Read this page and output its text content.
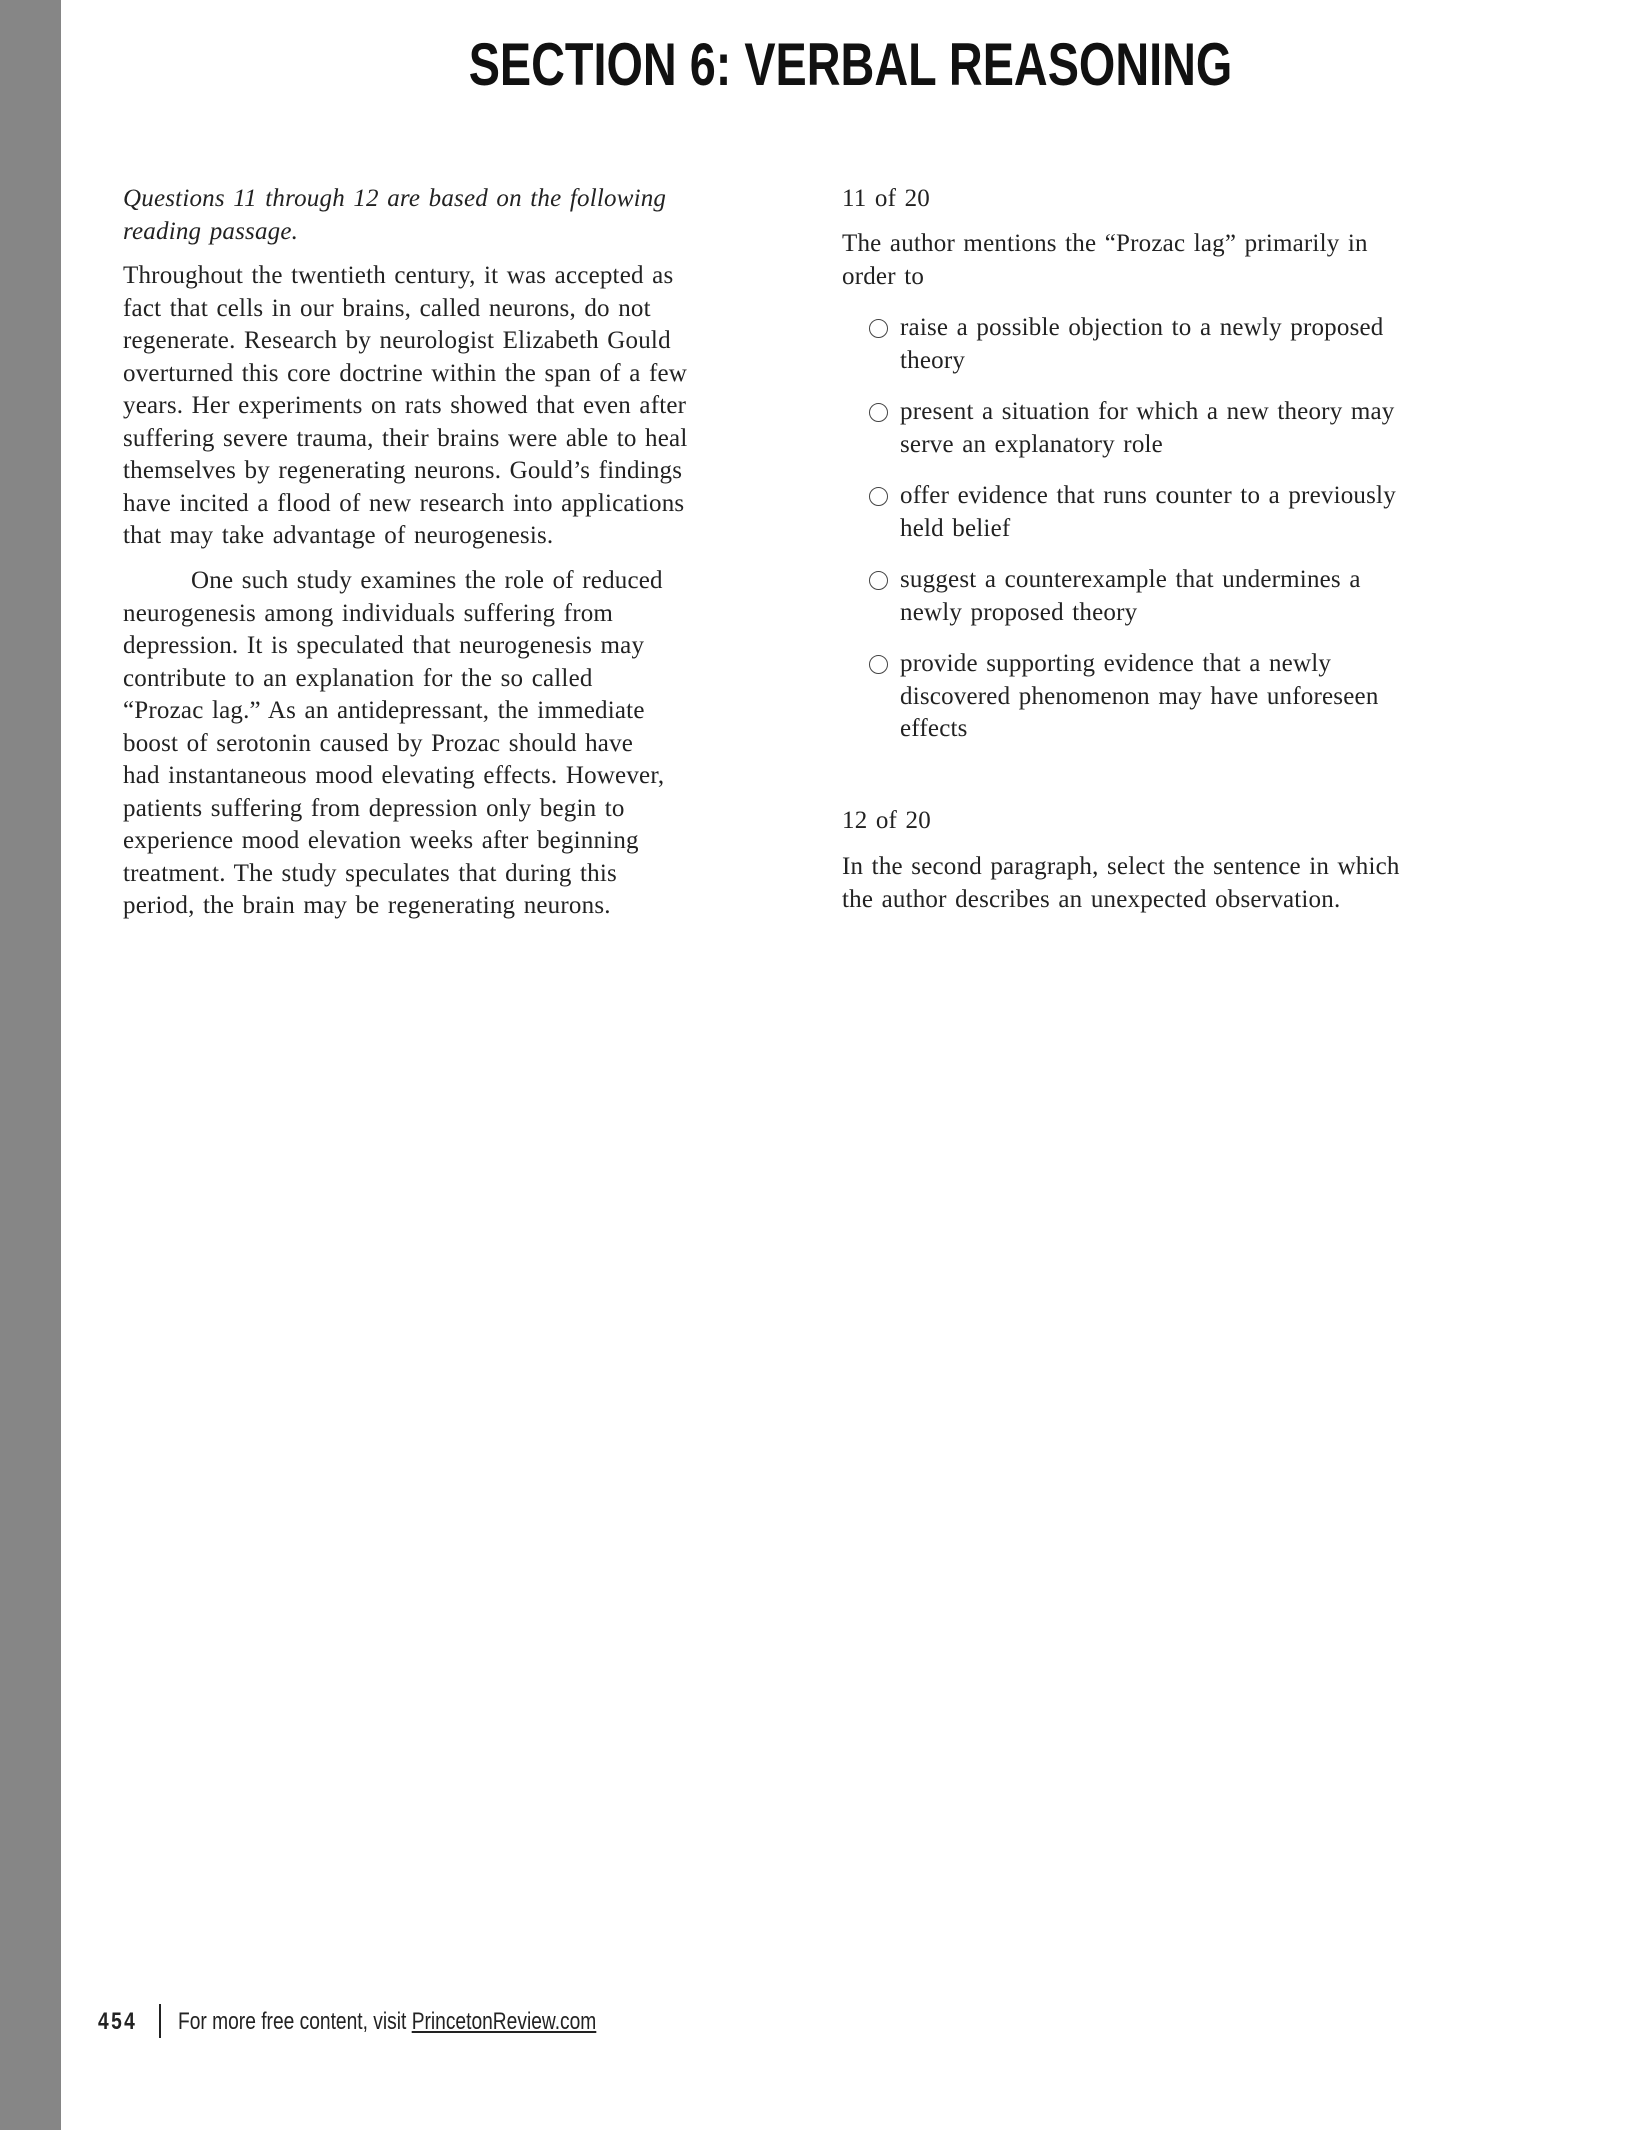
SECTION 6: VERBAL REASONING
Questions 11 through 12 are based on the following
reading passage.
Throughout the twentieth century, it was accepted as
fact that cells in our brains, called neurons, do not
regenerate. Research by neurologist Elizabeth Gould
overturned this core doctrine within the span of a few
years. Her experiments on rats showed that even after
suffering severe trauma, their brains were able to heal
themselves by regenerating neurons. Gould’s findings
have incited a flood of new research into applications
that may take advantage of neurogenesis.
One such study examines the role of reduced
neurogenesis among individuals suffering from
depression. It is speculated that neurogenesis may
contribute to an explanation for the so called
“Prozac lag.” As an antidepressant, the immediate
boost of serotonin caused by Prozac should have
had instantaneous mood elevating effects. However,
patients suffering from depression only begin to
experience mood elevation weeks after beginning
treatment. The study speculates that during this
period, the brain may be regenerating neurons.
11 of 20
The author mentions the “Prozac lag” primarily in
order to
raise a possible objection to a newly proposed
theory
present a situation for which a new theory may
serve an explanatory role
offer evidence that runs counter to a previously
held belief
suggest a counterexample that undermines a
newly proposed theory
provide supporting evidence that a newly
discovered phenomenon may have unforeseen
effects
12 of 20
In the second paragraph, select the sentence in which
the author describes an unexpected observation.
454 For more free content, visit PrincetonReview.com
